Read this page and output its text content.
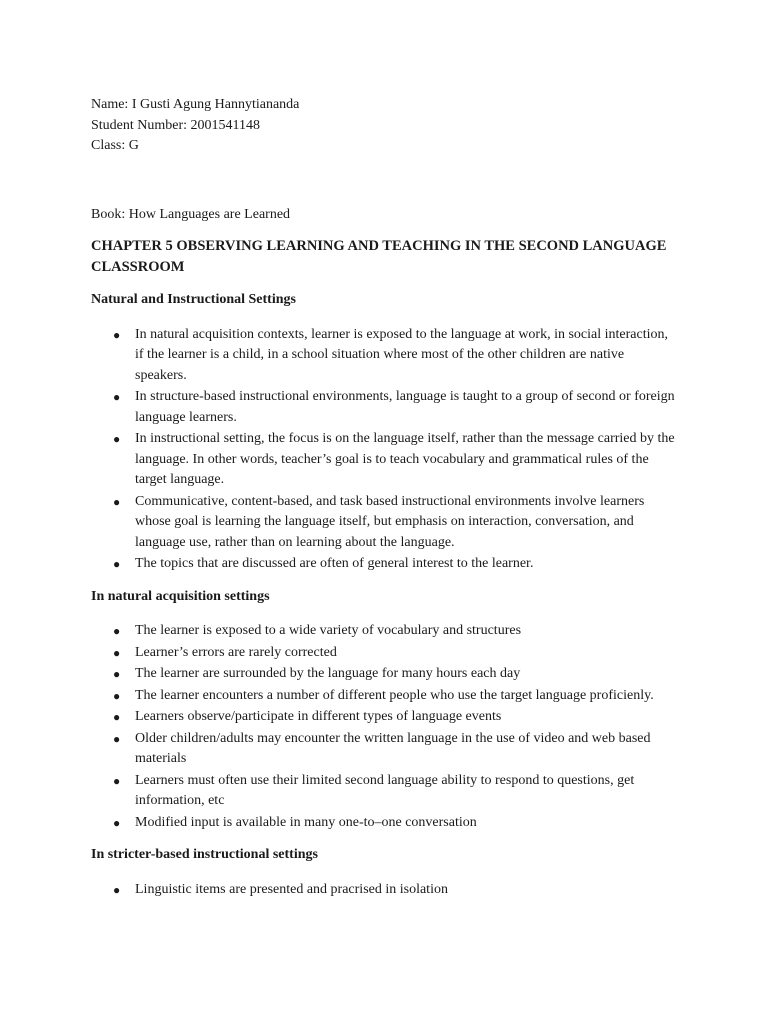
Name: I Gusti Agung Hannytiananda

Student Number: 2001541148

Class: G

Book: How Languages are Learned

CHAPTER 5 OBSERVING LEARNING AND TEACHING IN THE SECOND LANGUAGE CLASSROOM

Natural and Instructional Settings

● In natural acquisition contexts, learner is exposed to the language at work, in social interaction, if the learner is a child, in a school situation where most of the other children are native speakers.
● In structure-based instructional environments, language is taught to a group of second or foreign language learners.
● In instructional setting, the focus is on the language itself, rather than the message carried by the language. In other words, teacher’s goal is to teach vocabulary and grammatical rules of the target language.
● Communicative, content-based, and task based instructional environments involve learners whose goal is learning the language itself, but emphasis on interaction, conversation, and language use, rather than on learning about the language.
● The topics that are discussed are often of general interest to the learner.

In natural acquisition settings

● The learner is exposed to a wide variety of vocabulary and structures
● Learner’s errors are rarely corrected
● The learner are surrounded by the language for many hours each day
● The learner encounters a number of different people who use the target language proficienly.
● Learners observe/participate in different types of language events
● Older children/adults may encounter the written language in the use of video and web based materials
● Learners must often use their limited second language ability to respond to questions, get information, etc
● Modified input is available in many one-to–one conversation

In stricter-based instructional settings

● Linguistic items are presented and pracrised in isolation
